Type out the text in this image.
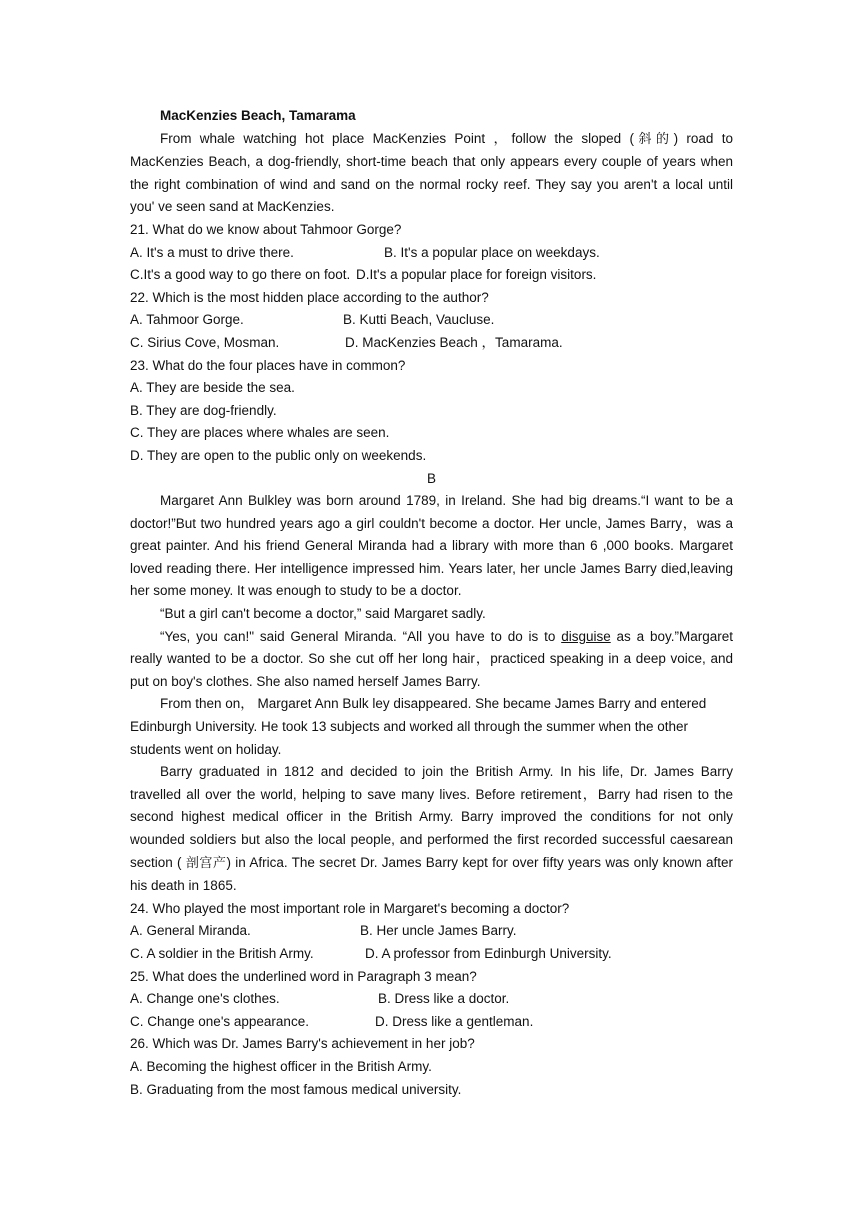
MacKenzies Beach, Tamarama

From whale watching hot place MacKenzies Point ，follow the sloped (斜的) road to MacKenzies Beach, a dog-friendly, short-time beach that only appears every couple of years when the right combination of wind and sand on the normal rocky reef. They say you aren't a local until you' ve seen sand at MacKenzies.

21. What do we know about Tahmoor Gorge?

A. It's a must to drive there.	B. It's a popular place on weekdays.
C.It's a good way to go there on foot. D.It's a popular place for foreign visitors.

22. Which is the most hidden place according to the author?

A. Tahmoor Gorge.	B. Kutti Beach, Vaucluse.
C. Sirius Cove, Mosman.	D. MacKenzies Beach ，Tamarama.

23. What do the four places have in common?

A. They are beside the sea.

B. They are dog-friendly.

C. They are places where whales are seen.

D. They are open to the public only on weekends.

B

Margaret Ann Bulkley was born around 1789, in Ireland. She had big dreams.“I want to be a doctor!”But two hundred years ago a girl couldn't become a doctor. Her uncle, James Barry，was a great painter. And his friend General Miranda had a library with more than 6 ,000 books. Margaret loved reading there. Her intelligence impressed him. Years later, her uncle James Barry died,leaving her some money. It was enough to study to be a doctor.

“But a girl can't become a doctor,” said Margaret sadly.

“Yes, you can!" said General Miranda. “All you have to do is to disguise as a boy.”Margaret really wanted to be a doctor. So she cut off her long hair，practiced speaking in a deep voice, and put on boy's clothes. She also named herself James Barry.

From then on， Margaret Ann Bulk ley disappeared. She became James Barry and entered Edinburgh University. He took 13 subjects and worked all through the summer when the other students went on holiday.

Barry graduated in 1812 and decided to join the British Army. In his life, Dr. James Barry travelled all over the world, helping to save many lives. Before retirement，Barry had risen to the second highest medical officer in the British Army. Barry improved the conditions for not only wounded soldiers but also the local people, and performed the first recorded successful caesarean section ( 剖宫产) in Africa. The secret Dr. James Barry kept for over fifty years was only known after his death in 1865.

24. Who played the most important role in Margaret's becoming a doctor?

A. General Miranda.	B. Her uncle James Barry.
C. A soldier in the British Army.	D. A professor from Edinburgh University.

25. What does the underlined word in Paragraph 3 mean?

A. Change one's clothes.	B. Dress like a doctor.
C. Change one's appearance.	D. Dress like a gentleman.

26. Which was Dr. James Barry's achievement in her job?

A. Becoming the highest officer in the British Army.

B. Graduating from the most famous medical university.
